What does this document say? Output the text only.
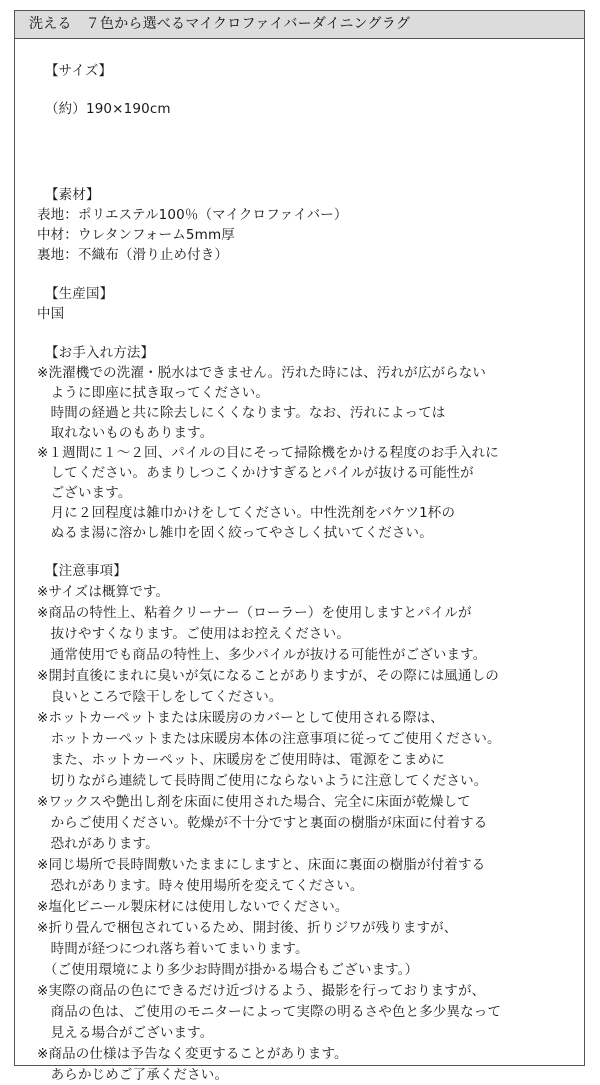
洗える　７色から選べるマイクロファイバーダイニングラグ
【サイズ】
（約）190×190cm
【素材】
表地：ポリエステル100％（マイクロファイバー）
中材：ウレタンフォーム5mm厚
裏地：不織布（滑り止め付き）
【生産国】
中国
【お手入れ方法】
※洗濯機での洗濯・脱水はできません。汚れた時には、汚れが広がらない
　ように即座に拭き取ってください。
　時間の経過と共に除去しにくくなります。なお、汚れによっては
　取れないものもあります。
※１週間に１～２回、パイルの目にそって掃除機をかける程度のお手入れに
　してください。あまりしつこくかけすぎるとパイルが抜ける可能性が
　ございます。
　月に２回程度は雑巾かけをしてください。中性洗剤をバケツ1杯の
　ぬるま湯に溶かし雑巾を固く絞ってやさしく拭いてください。
【注意事項】
※サイズは概算です。
※商品の特性上、粘着クリーナー（ローラー）を使用しますとパイルが
　抜けやすくなります。ご使用はお控えください。
　通常使用でも商品の特性上、多少パイルが抜ける可能性がございます。
※開封直後にまれに臭いが気になることがありますが、その際には風通しの
　良いところで陰干しをしてください。
※ホットカーペットまたは床暖房のカバーとして使用される際は、
　ホットカーペットまたは床暖房本体の注意事項に従ってご使用ください。
　また、ホットカーペット、床暖房をご使用時は、電源をこまめに
　切りながら連続して長時間ご使用にならないように注意してください。
※ワックスや艶出し剤を床面に使用された場合、完全に床面が乾燥して
　からご使用ください。乾燥が不十分ですと裏面の樹脂が床面に付着する
　恐れがあります。
※同じ場所で長時間敷いたままにしますと、床面に裏面の樹脂が付着する
　恐れがあります。時々使用場所を変えてください。
※塩化ビニール製床材には使用しないでください。
※折り畳んで梱包されているため、開封後、折りジワが残りますが、
　時間が経つにつれ落ち着いてまいります。
　（ご使用環境により多少お時間が掛かる場合もございます。）
※実際の商品の色にできるだけ近づけるよう、撮影を行っておりますが、
　商品の色は、ご使用のモニターによって実際の明るさや色と多少異なって
　見える場合がございます。
※商品の仕様は予告なく変更することがあります。
　あらかじめご了承ください。
